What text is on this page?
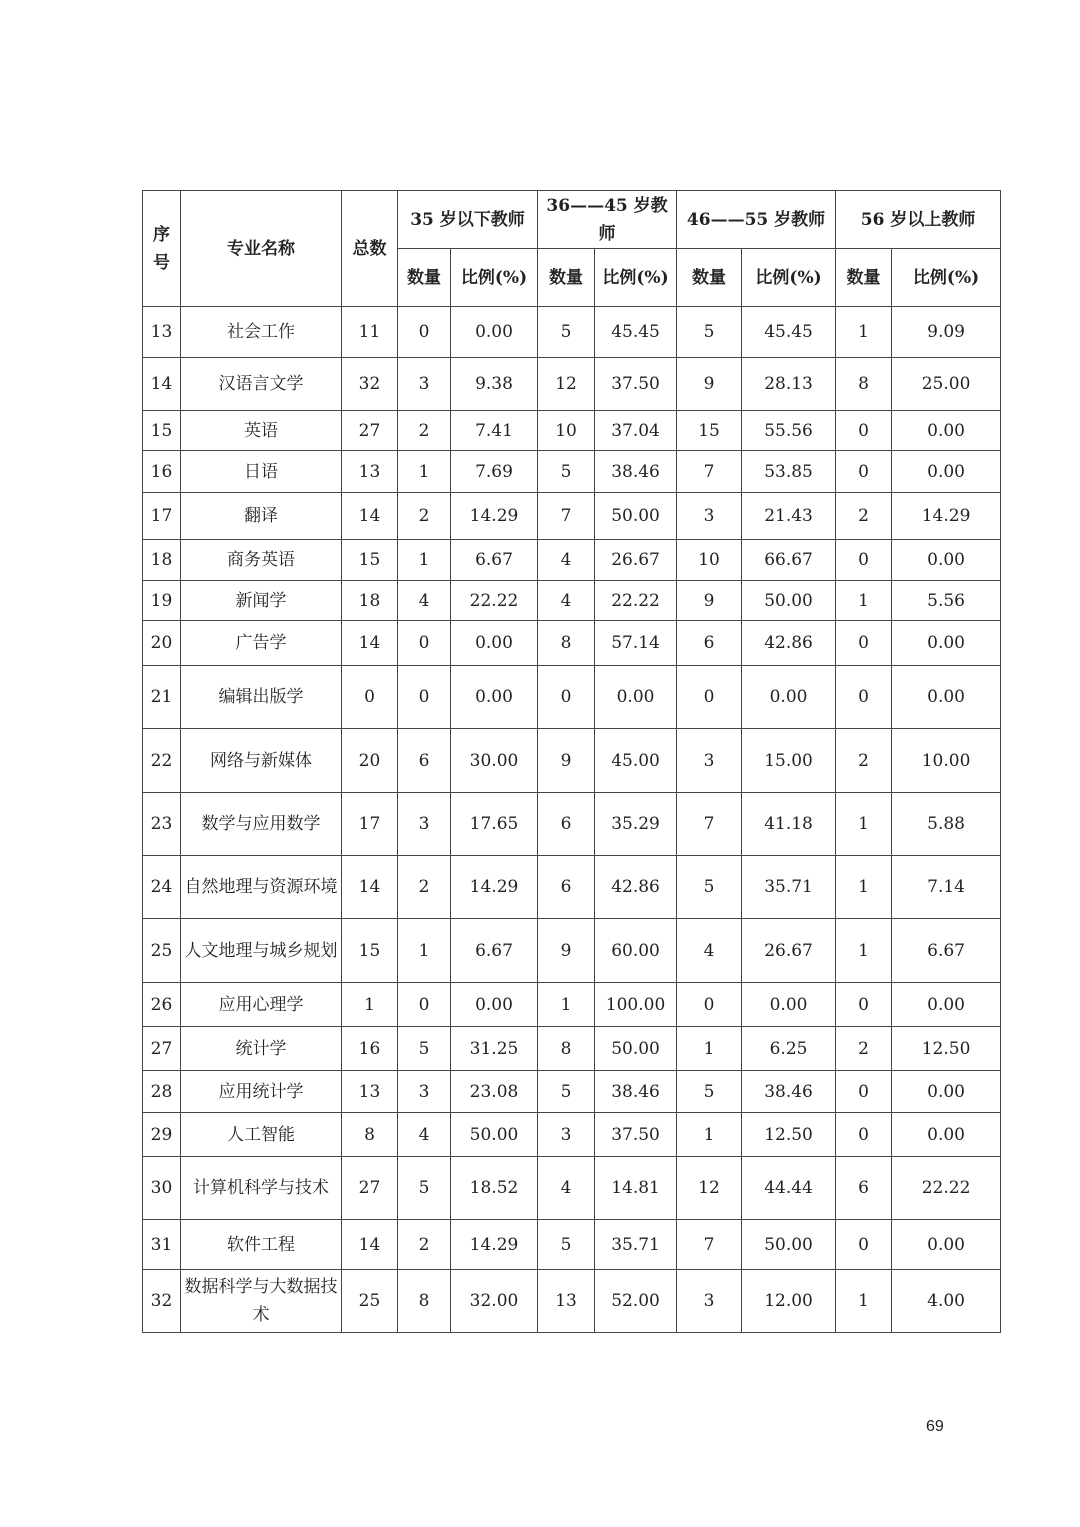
序号	专业名称	总数	35 岁以下教师		36——45 岁教师		46——55 岁教师		56 岁以上教师	
			数量	比例(%)	数量	比例(%)	数量	比例(%)	数量	比例(%)
13	社会工作	11	0	0.00	5	45.45	5	45.45	1	9.09
14	汉语言文学	32	3	9.38	12	37.50	9	28.13	8	25.00
15	英语	27	2	7.41	10	37.04	15	55.56	0	0.00
16	日语	13	1	7.69	5	38.46	7	53.85	0	0.00
17	翻译	14	2	14.29	7	50.00	3	21.43	2	14.29
18	商务英语	15	1	6.67	4	26.67	10	66.67	0	0.00
19	新闻学	18	4	22.22	4	22.22	9	50.00	1	5.56
20	广告学	14	0	0.00	8	57.14	6	42.86	0	0.00
21	编辑出版学	0	0	0.00	0	0.00	0	0.00	0	0.00
22	网络与新媒体	20	6	30.00	9	45.00	3	15.00	2	10.00
23	数学与应用数学	17	3	17.65	6	35.29	7	41.18	1	5.88
24	自然地理与资源环境	14	2	14.29	6	42.86	5	35.71	1	7.14
25	人文地理与城乡规划	15	1	6.67	9	60.00	4	26.67	1	6.67
26	应用心理学	1	0	0.00	1	100.00	0	0.00	0	0.00
27	统计学	16	5	31.25	8	50.00	1	6.25	2	12.50
28	应用统计学	13	3	23.08	5	38.46	5	38.46	0	0.00
29	人工智能	8	4	50.00	3	37.50	1	12.50	0	0.00
30	计算机科学与技术	27	5	18.52	4	14.81	12	44.44	6	22.22
31	软件工程	14	2	14.29	5	35.71	7	50.00	0	0.00
32	数据科学与大数据技术	25	8	32.00	13	52.00	3	12.00	1	4.00
69
